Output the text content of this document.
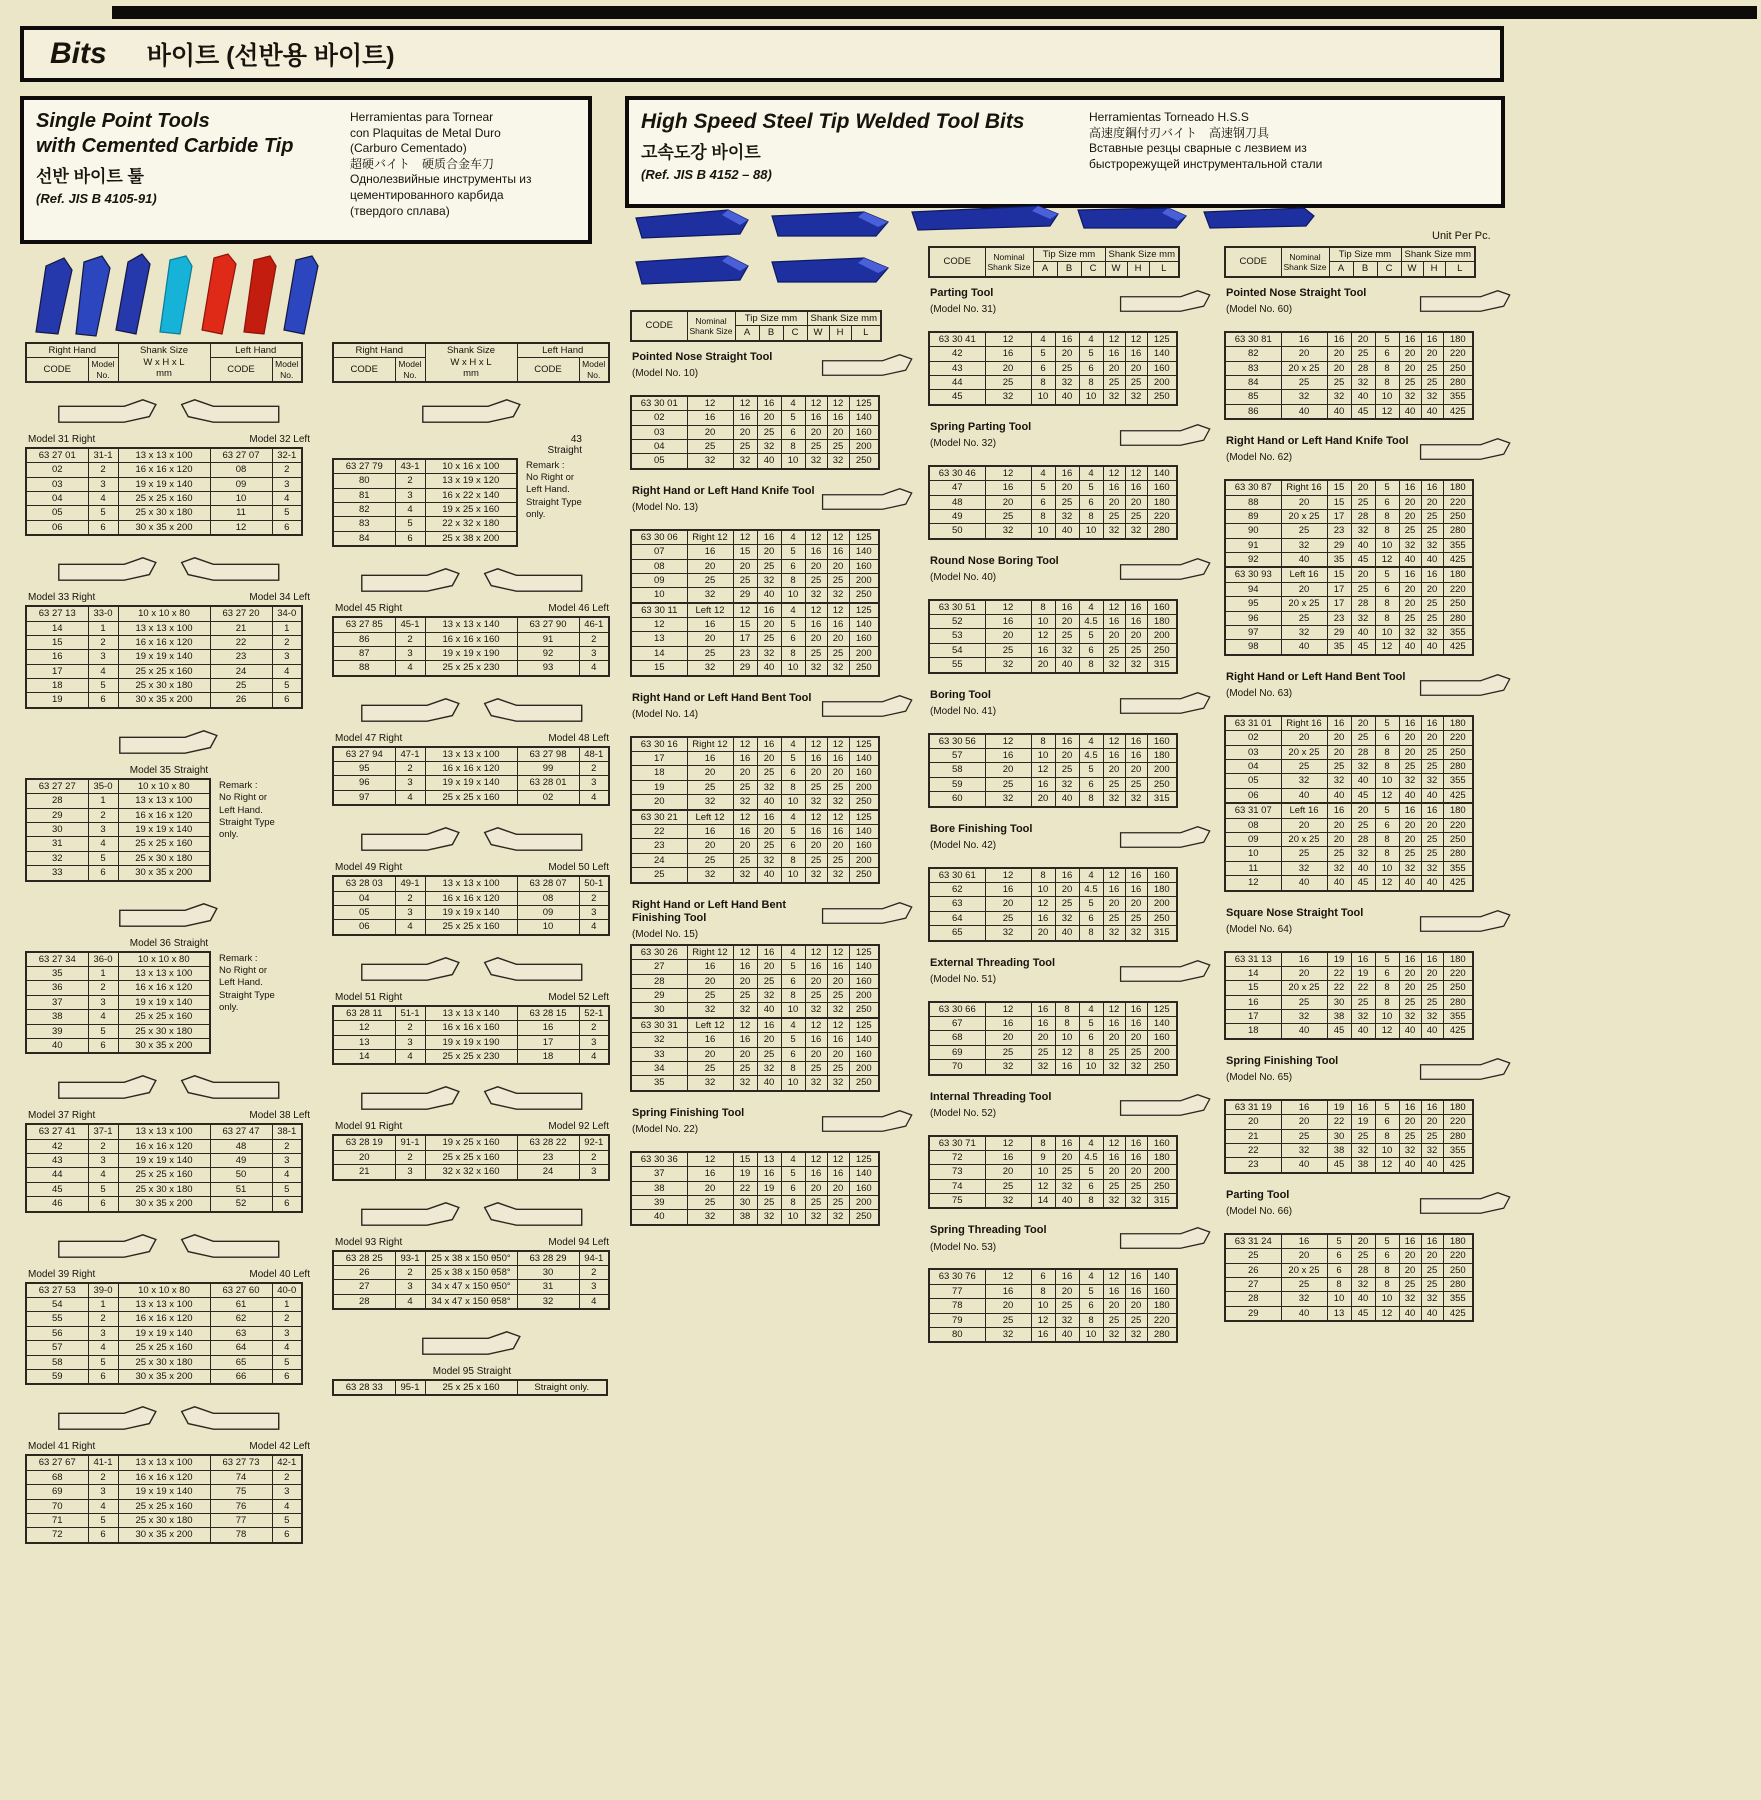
Bits 바이트 (선반용 바이트)
Single Point Tools
with Cemented Carbide Tip
선반 바이트 툴
(Ref. JIS B 4105-91)
Herramientas para Tornear
con Plaquitas de Metal Duro
(Carburo Cementado)
超硬バイト　硬质合金车刀
Однолезвийные инструменты из
цементированного карбида
(твердого сплава)
High Speed Steel Tip Welded Tool Bits
고속도강 바이트
(Ref. JIS B 4152 – 88)
Herramientas Torneado H.S.S
高速度鋼付刃バイト　高速钢刀具
Вставные резцы сварные с лезвием из
быстрорежущей инструментальной стали
Unit Per Pc.
Right Hand		Shank Size
W x H x L
mm	Left Hand	
CODE	Model
No.		CODE	Model
No.
Model 31 Right	Model 32 Left
63 27 01	31-1	13 x 13 x 100	63 27 07	32-1
02	2	16 x 16 x 120	08	2
03	3	19 x 19 x 140	09	3
04	4	25 x 25 x 160	10	4
05	5	25 x 30 x 180	11	5
06	6	30 x 35 x 200	12	6
Model 33 Right	Model 34 Left
63 27 13	33-0	10 x 10 x 80	63 27 20	34-0
14	1	13 x 13 x 100	21	1
15	2	16 x 16 x 120	22	2
16	3	19 x 19 x 140	23	3
17	4	25 x 25 x 160	24	4
18	5	25 x 30 x 180	25	5
19	6	30 x 35 x 200	26	6
Model 35 Straight
63 27 27	35-0	10 x 10 x 80
28	1	13 x 13 x 100
29	2	16 x 16 x 120
30	3	19 x 19 x 140
31	4	25 x 25 x 160
32	5	25 x 30 x 180
33	6	30 x 35 x 200
Remark :
No Right or
Left Hand.
Straight Type
only.
Model 36 Straight
63 27 34	36-0	10 x 10 x 80
35	1	13 x 13 x 100
36	2	16 x 16 x 120
37	3	19 x 19 x 140
38	4	25 x 25 x 160
39	5	25 x 30 x 180
40	6	30 x 35 x 200
Remark :
No Right or
Left Hand.
Straight Type
only.
Model 37 Right	Model 38 Left
63 27 41	37-1	13 x 13 x 100	63 27 47	38-1
42	2	16 x 16 x 120	48	2
43	3	19 x 19 x 140	49	3
44	4	25 x 25 x 160	50	4
45	5	25 x 30 x 180	51	5
46	6	30 x 35 x 200	52	6
Model 39 Right	Model 40 Left
63 27 53	39-0	10 x 10 x 80	63 27 60	40-0
54	1	13 x 13 x 100	61	1
55	2	16 x 16 x 120	62	2
56	3	19 x 19 x 140	63	3
57	4	25 x 25 x 160	64	4
58	5	25 x 30 x 180	65	5
59	6	30 x 35 x 200	66	6
Model 41 Right	Model 42 Left
63 27 67	41-1	13 x 13 x 100	63 27 73	42-1
68	2	16 x 16 x 120	74	2
69	3	19 x 19 x 140	75	3
70	4	25 x 25 x 160	76	4
71	5	25 x 30 x 180	77	5
72	6	30 x 35 x 200	78	6
Right Hand		Shank Size
W x H x L
mm	Left Hand	
CODE	Model
No.		CODE	Model
No.
43
Straight
63 27 79	43-1	10 x 16 x 100
80	2	13 x 19 x 120
81	3	16 x 22 x 140
82	4	19 x 25 x 160
83	5	22 x 32 x 180
84	6	25 x 38 x 200
Remark :
No Right or
Left Hand.
Straight Type
only.
Model 45 Right	Model 46 Left
63 27 85	45-1	13 x 13 x 140	63 27 90	46-1
86	2	16 x 16 x 160	91	2
87	3	19 x 19 x 190	92	3
88	4	25 x 25 x 230	93	4
Model 47 Right	Model 48 Left
63 27 94	47-1	13 x 13 x 100	63 27 98	48-1
95	2	16 x 16 x 120	99	2
96	3	19 x 19 x 140	63 28 01	3
97	4	25 x 25 x 160	02	4
Model 49 Right	Model 50 Left
63 28 03	49-1	13 x 13 x 100	63 28 07	50-1
04	2	16 x 16 x 120	08	2
05	3	19 x 19 x 140	09	3
06	4	25 x 25 x 160	10	4
Model 51 Right	Model 52 Left
63 28 11	51-1	13 x 13 x 140	63 28 15	52-1
12	2	16 x 16 x 160	16	2
13	3	19 x 19 x 190	17	3
14	4	25 x 25 x 230	18	4
Model 91 Right	Model 92 Left
63 28 19	91-1	19 x 25 x 160	63 28 22	92-1
20	2	25 x 25 x 160	23	2
21	3	32 x 32 x 160	24	3
Model 93 Right	Model 94 Left
63 28 25	93-1	25 x 38 x 150 θ50°	63 28 29	94-1
26	2	25 x 38 x 150 θ58°	30	2
27	3	34 x 47 x 150 θ50°	31	3
28	4	34 x 47 x 150 θ58°	32	4
Model 95 Straight
63 28 33	95-1	25 x 25 x 160	Straight only.
CODE	Nominal
Shank Size	Tip Size mm			Shank Size mm		
		A	B	C	W	H	L
Pointed Nose Straight Tool
(Model No. 10)
63 30 01	12	12	16	4	12	12	125
02	16	16	20	5	16	16	140
03	20	20	25	6	20	20	160
04	25	25	32	8	25	25	200
05	32	32	40	10	32	32	250
Right Hand or Left Hand Knife Tool
(Model No. 13)
63 30 06	Right 12	12	16	4	12	12	125
07	16	15	20	5	16	16	140
08	20	20	25	6	20	20	160
09	25	25	32	8	25	25	200
10	32	29	40	10	32	32	250
63 30 11	Left 12	12	16	4	12	12	125
12	16	15	20	5	16	16	140
13	20	17	25	6	20	20	160
14	25	23	32	8	25	25	200
15	32	29	40	10	32	32	250
Right Hand or Left Hand Bent Tool
(Model No. 14)
63 30 16	Right 12	12	16	4	12	12	125
17	16	16	20	5	16	16	140
18	20	20	25	6	20	20	160
19	25	25	32	8	25	25	200
20	32	32	40	10	32	32	250
63 30 21	Left 12	12	16	4	12	12	125
22	16	16	20	5	16	16	140
23	20	20	25	6	20	20	160
24	25	25	32	8	25	25	200
25	32	32	40	10	32	32	250
Right Hand or Left Hand Bent Finishing Tool
(Model No. 15)
63 30 26	Right 12	12	16	4	12	12	125
27	16	16	20	5	16	16	140
28	20	20	25	6	20	20	160
29	25	25	32	8	25	25	200
30	32	32	40	10	32	32	250
63 30 31	Left 12	12	16	4	12	12	125
32	16	16	20	5	16	16	140
33	20	20	25	6	20	20	160
34	25	25	32	8	25	25	200
35	32	32	40	10	32	32	250
Spring Finishing Tool
(Model No. 22)
63 30 36	12	15	13	4	12	12	125
37	16	19	16	5	16	16	140
38	20	22	19	6	20	20	160
39	25	30	25	8	25	25	200
40	32	38	32	10	32	32	250
CODE	Nominal
Shank Size	Tip Size mm			Shank Size mm		
		A	B	C	W	H	L
Parting Tool
(Model No. 31)
63 30 41	12	4	16	4	12	12	125
42	16	5	20	5	16	16	140
43	20	6	25	6	20	20	160
44	25	8	32	8	25	25	200
45	32	10	40	10	32	32	250
Spring Parting Tool
(Model No. 32)
63 30 46	12	4	16	4	12	12	140
47	16	5	20	5	16	16	160
48	20	6	25	6	20	20	180
49	25	8	32	8	25	25	220
50	32	10	40	10	32	32	280
Round Nose Boring Tool
(Model No. 40)
63 30 51	12	8	16	4	12	16	160
52	16	10	20	4.5	16	16	180
53	20	12	25	5	20	20	200
54	25	16	32	6	25	25	250
55	32	20	40	8	32	32	315
Boring Tool
(Model No. 41)
63 30 56	12	8	16	4	12	16	160
57	16	10	20	4.5	16	16	180
58	20	12	25	5	20	20	200
59	25	16	32	6	25	25	250
60	32	20	40	8	32	32	315
Bore Finishing Tool
(Model No. 42)
63 30 61	12	8	16	4	12	16	160
62	16	10	20	4.5	16	16	180
63	20	12	25	5	20	20	200
64	25	16	32	6	25	25	250
65	32	20	40	8	32	32	315
External Threading Tool
(Model No. 51)
63 30 66	12	16	8	4	12	16	125
67	16	16	8	5	16	16	140
68	20	20	10	6	20	20	160
69	25	25	12	8	25	25	200
70	32	32	16	10	32	32	250
Internal Threading Tool
(Model No. 52)
63 30 71	12	8	16	4	12	16	160
72	16	9	20	4.5	16	16	180
73	20	10	25	5	20	20	200
74	25	12	32	6	25	25	250
75	32	14	40	8	32	32	315
Spring Threading Tool
(Model No. 53)
63 30 76	12	6	16	4	12	16	140
77	16	8	20	5	16	16	160
78	20	10	25	6	20	20	180
79	25	12	32	8	25	25	220
80	32	16	40	10	32	32	280
CODE	Nominal
Shank Size	Tip Size mm			Shank Size mm		
		A	B	C	W	H	L
Pointed Nose Straight Tool
(Model No. 60)
63 30 81	16	16	20	5	16	16	180
82	20	20	25	6	20	20	220
83	20 x 25	20	28	8	20	25	250
84	25	25	32	8	25	25	280
85	32	32	40	10	32	32	355
86	40	40	45	12	40	40	425
Right Hand or Left Hand Knife Tool
(Model No. 62)
63 30 87	Right 16	15	20	5	16	16	180
88	20	15	25	6	20	20	220
89	20 x 25	17	28	8	20	25	250
90	25	23	32	8	25	25	280
91	32	29	40	10	32	32	355
92	40	35	45	12	40	40	425
63 30 93	Left 16	15	20	5	16	16	180
94	20	17	25	6	20	20	220
95	20 x 25	17	28	8	20	25	250
96	25	23	32	8	25	25	280
97	32	29	40	10	32	32	355
98	40	35	45	12	40	40	425
Right Hand or Left Hand Bent Tool
(Model No. 63)
63 31 01	Right 16	16	20	5	16	16	180
02	20	20	25	6	20	20	220
03	20 x 25	20	28	8	20	25	250
04	25	25	32	8	25	25	280
05	32	32	40	10	32	32	355
06	40	40	45	12	40	40	425
63 31 07	Left 16	16	20	5	16	16	180
08	20	20	25	6	20	20	220
09	20 x 25	20	28	8	20	25	250
10	25	25	32	8	25	25	280
11	32	32	40	10	32	32	355
12	40	40	45	12	40	40	425
Square Nose Straight Tool
(Model No. 64)
63 31 13	16	19	16	5	16	16	180
14	20	22	19	6	20	20	220
15	20 x 25	22	22	8	20	25	250
16	25	30	25	8	25	25	280
17	32	38	32	10	32	32	355
18	40	45	40	12	40	40	425
Spring Finishing Tool
(Model No. 65)
63 31 19	16	19	16	5	16	16	180
20	20	22	19	6	20	20	220
21	25	30	25	8	25	25	280
22	32	38	32	10	32	32	355
23	40	45	38	12	40	40	425
Parting Tool
(Model No. 66)
63 31 24	16	5	20	5	16	16	180
25	20	6	25	6	20	20	220
26	20 x 25	6	28	8	20	25	250
27	25	8	32	8	25	25	280
28	32	10	40	10	32	32	355
29	40	13	45	12	40	40	425
